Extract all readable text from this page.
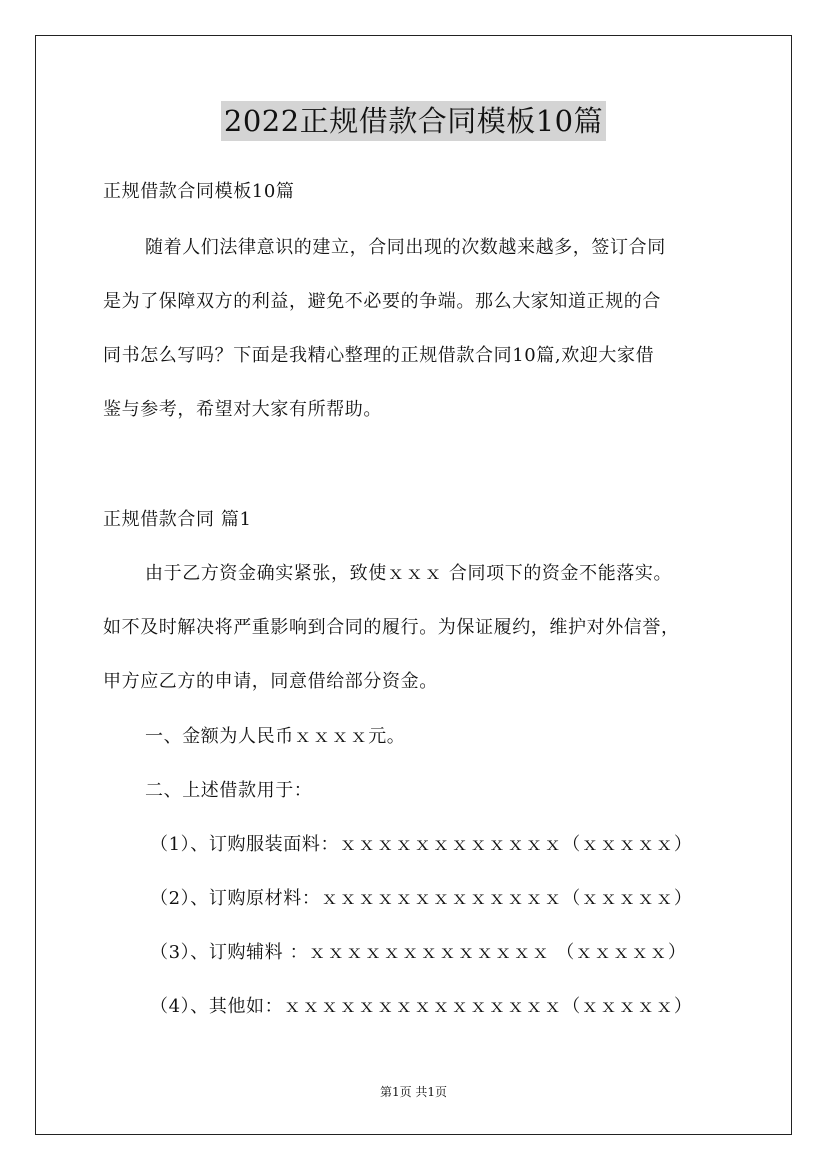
2022正规借款合同模板10篇
正规借款合同模板10篇
随着人们法律意识的建立，合同出现的次数越来越多，签订合同
是为了保障双方的利益，避免不必要的争端。那么大家知道正规的合
同书怎么写吗？下面是我精心整理的正规借款合同10篇,欢迎大家借
鉴与参考，希望对大家有所帮助。
正规借款合同 篇1
由于乙方资金确实紧张，致使ｘｘｘ 合同项下的资金不能落实。
如不及时解决将严重影响到合同的履行。为保证履约，维护对外信誉，
甲方应乙方的申请，同意借给部分资金。
一、金额为人民币ｘｘｘｘ元。
二、上述借款用于：
（1）、订购服装面料：ｘｘｘｘｘｘｘｘｘｘｘｘ（ｘｘｘｘｘ）
（2）、订购原材料：ｘｘｘｘｘｘｘｘｘｘｘｘｘ（ｘｘｘｘｘ）
（3）、订购辅料 ：ｘｘｘｘｘｘｘｘｘｘｘｘｘ （ｘｘｘｘｘ）
（4）、其他如：ｘｘｘｘｘｘｘｘｘｘｘｘｘｘｘ（ｘｘｘｘｘ）
第1页 共1页
